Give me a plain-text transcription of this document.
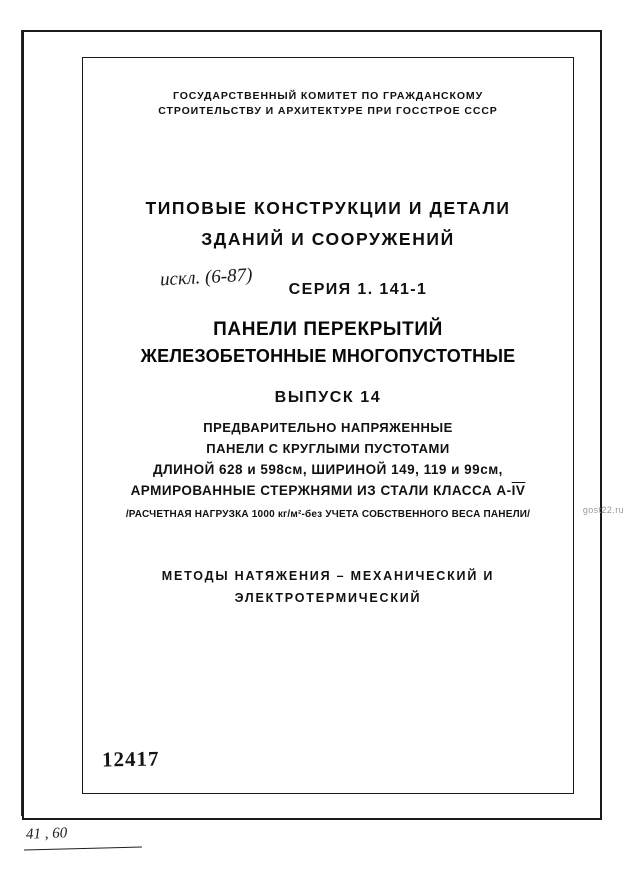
ГОСУДАРСТВЕННЫЙ КОМИТЕТ ПО ГРАЖДАНСКОМУ
СТРОИТЕЛЬСТВУ И АРХИТЕКТУРЕ ПРИ ГОССТРОЕ СССР
ТИПОВЫЕ КОНСТРУКЦИИ И ДЕТАЛИ
ЗДАНИЙ И СООРУЖЕНИЙ
искл. (6-87)	СЕРИЯ 1. 141-1
ПАНЕЛИ ПЕРЕКРЫТИЙ
ЖЕЛЕЗОБЕТОННЫЕ МНОГОПУСТОТНЫЕ
ВЫПУСК 14
ПРЕДВАРИТЕЛЬНО НАПРЯЖЕННЫЕ
ПАНЕЛИ С КРУГЛЫМИ ПУСТОТАМИ
ДЛИНОЙ 628 и 598см, ШИРИНОЙ 149, 119 и 99см,
АРМИРОВАННЫЕ СТЕРЖНЯМИ ИЗ СТАЛИ КЛАССА $А-\overline{IV}$
/РАСЧЕТНАЯ НАГРУЗКА 1000 кг/м²-без УЧЕТА СОБСТВЕННОГО ВЕСА ПАНЕЛИ/
МЕТОДЫ НАТЯЖЕНИЯ – МЕХАНИЧЕСКИЙ И
ЭЛЕКТРОТЕРМИЧЕСКИЙ
12417
gost22.ru
41 , 60
